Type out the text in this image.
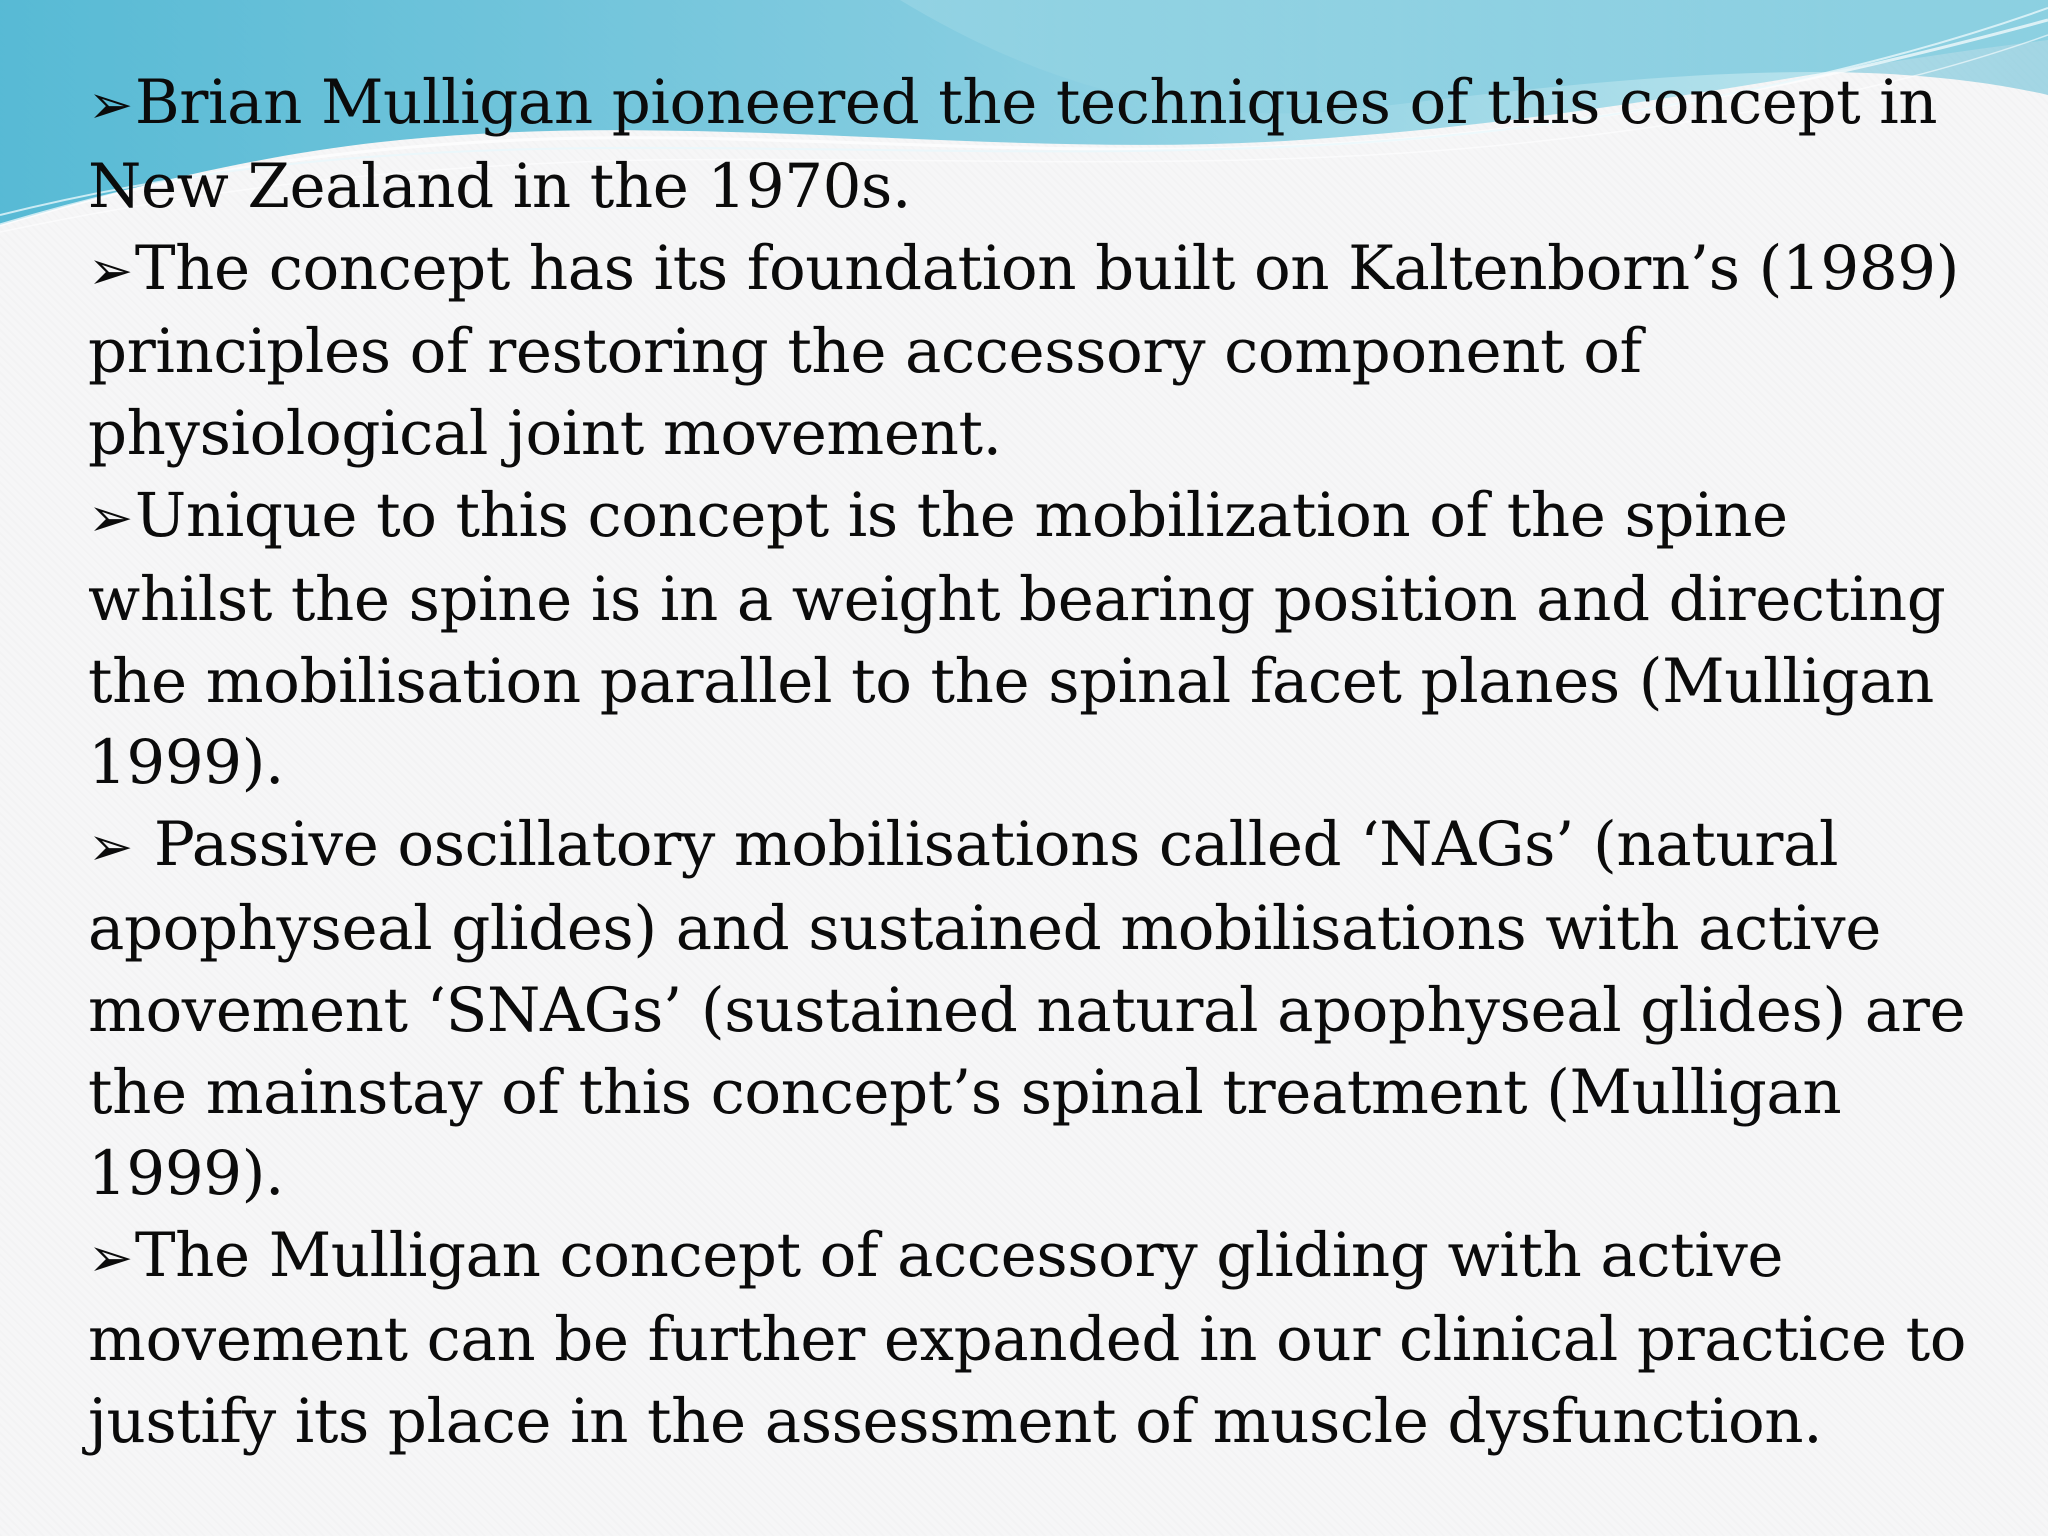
➢Brian Mulligan pioneered the techniques of this concept in New Zealand in the 1970s.

➢The concept has its foundation built on Kaltenborn’s (1989) principles of restoring the accessory component of physiological joint movement.

➢Unique to this concept is the mobilization of the spine whilst the spine is in a weight bearing position and directing the mobilisation parallel to the spinal facet planes (Mulligan 1999).

➢ Passive oscillatory mobilisations called ‘NAGs’ (natural apophyseal glides) and sustained mobilisations with active movement ‘SNAGs’ (sustained natural apophyseal glides) are the mainstay of this concept’s spinal treatment (Mulligan 1999).

➢The Mulligan concept of accessory gliding with active movement can be further expanded in our clinical practice to justify its place in the assessment of muscle dysfunction.
